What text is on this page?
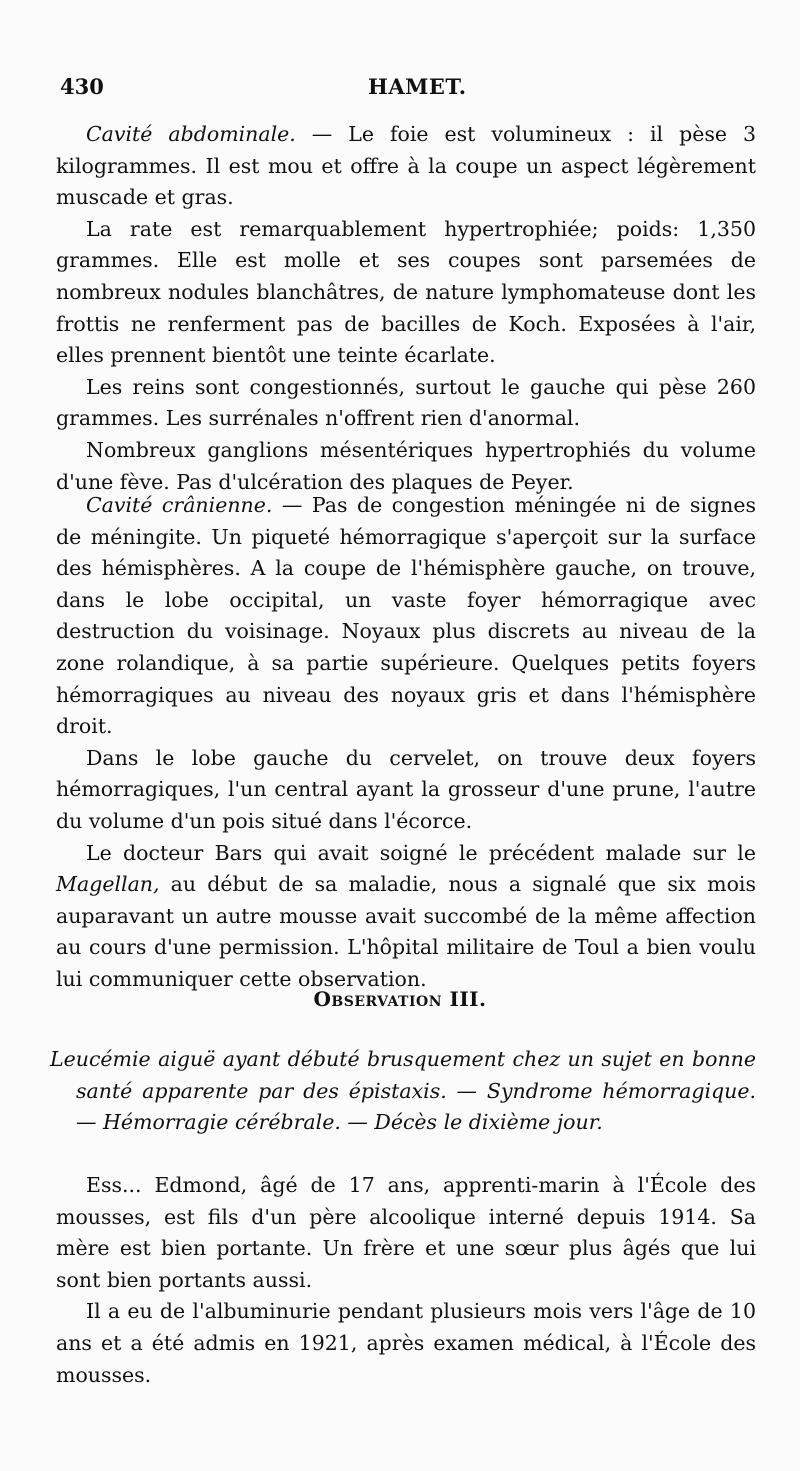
430	HAMET.

Cavité abdominale. — Le foie est volumineux : il pèse 3 kilogrammes. Il est mou et offre à la coupe un aspect légèrement muscade et gras.

La rate est remarquablement hypertrophiée; poids: 1,350 grammes. Elle est molle et ses coupes sont parsemées de nombreux nodules blanchâtres, de nature lymphomateuse dont les frottis ne renferment pas de bacilles de Koch. Exposées à l'air, elles prennent bientôt une teinte écarlate.

Les reins sont congestionnés, surtout le gauche qui pèse 260 grammes. Les surrénales n'offrent rien d'anormal.

Nombreux ganglions mésentériques hypertrophiés du volume d'une fève. Pas d'ulcération des plaques de Peyer.

Cavité crânienne. — Pas de congestion méningée ni de signes de méningite. Un piqueté hémorragique s'aperçoit sur la surface des hémisphères. A la coupe de l'hémisphère gauche, on trouve, dans le lobe occipital, un vaste foyer hémorragique avec destruction du voisinage. Noyaux plus discrets au niveau de la zone rolandique, à sa partie supérieure. Quelques petits foyers hémorragiques au niveau des noyaux gris et dans l'hémisphère droit.

Dans le lobe gauche du cervelet, on trouve deux foyers hémorragiques, l'un central ayant la grosseur d'une prune, l'autre du volume d'un pois situé dans l'écorce.

Le docteur Bars qui avait soigné le précédent malade sur le Magellan, au début de sa maladie, nous a signalé que six mois auparavant un autre mousse avait succombé de la même affection au cours d'une permission. L'hôpital militaire de Toul a bien voulu lui communiquer cette observation.

Observation III.
Leucémie aiguë ayant débuté brusquement chez un sujet en bonne santé apparente par des épistaxis. — Syndrome hémorragique. — Hémorragie cérébrale. — Décès le dixième jour.

Ess... Edmond, âgé de 17 ans, apprenti-marin à l'École des mousses, est fils d'un père alcoolique interné depuis 1914. Sa mère est bien portante. Un frère et une sœur plus âgés que lui sont bien portants aussi.

Il a eu de l'albuminurie pendant plusieurs mois vers l'âge de 10 ans et a été admis en 1921, après examen médical, à l'École des mousses.
